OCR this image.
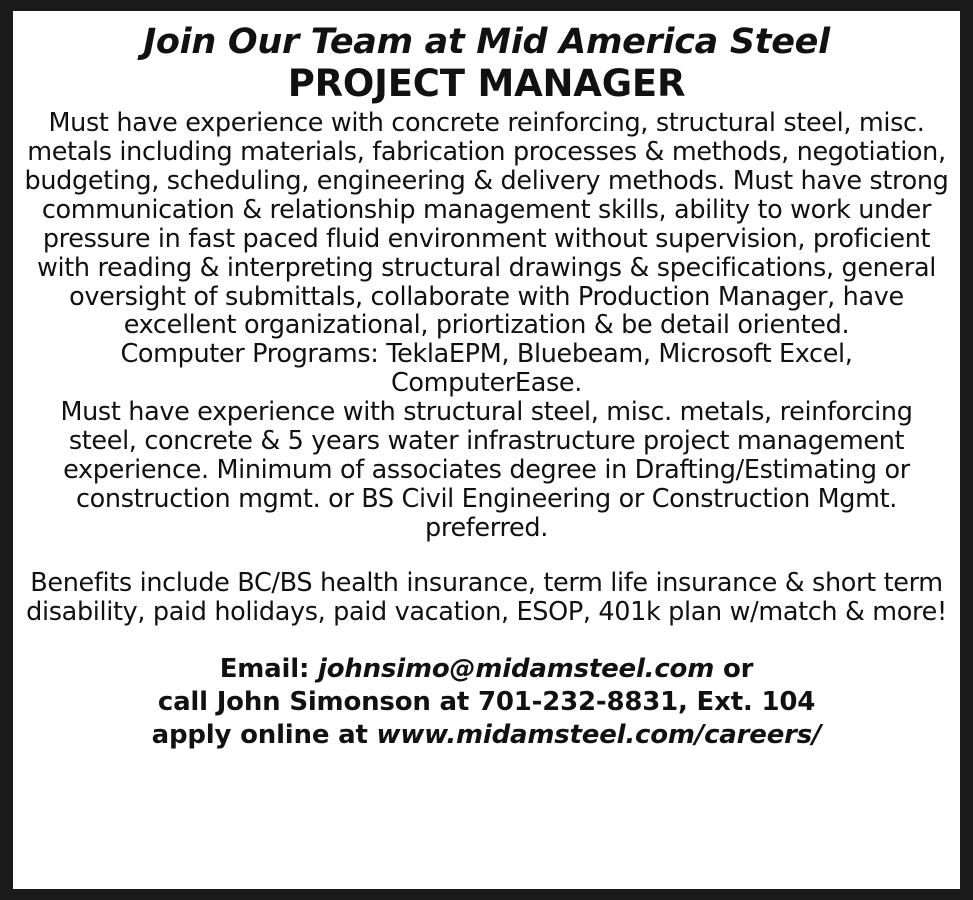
Join Our Team at Mid America Steel
PROJECT MANAGER
Must have experience with concrete reinforcing, structural steel, misc. metals including materials, fabrication processes & methods, negotiation, budgeting, scheduling, engineering & delivery methods. Must have strong communication & relationship management skills, ability to work under pressure in fast paced fluid environment without supervision, proficient with reading & interpreting structural drawings & specifications, general oversight of submittals, collaborate with Production Manager, have excellent organizational, priortization & be detail oriented.
Computer Programs: TeklaEPM, Bluebeam, Microsoft Excel, ComputerEase.
Must have experience with structural steel, misc. metals, reinforcing steel, concrete & 5 years water infrastructure project management experience. Minimum of associates degree in Drafting/Estimating or construction mgmt. or BS Civil Engineering or Construction Mgmt. preferred.
Benefits include BC/BS health insurance, term life insurance & short term disability, paid holidays, paid vacation, ESOP, 401k plan w/match & more!
Email: johnsimo@midamsteel.com or
call John Simonson at 701-232-8831, Ext. 104
apply online at www.midamsteel.com/careers/
